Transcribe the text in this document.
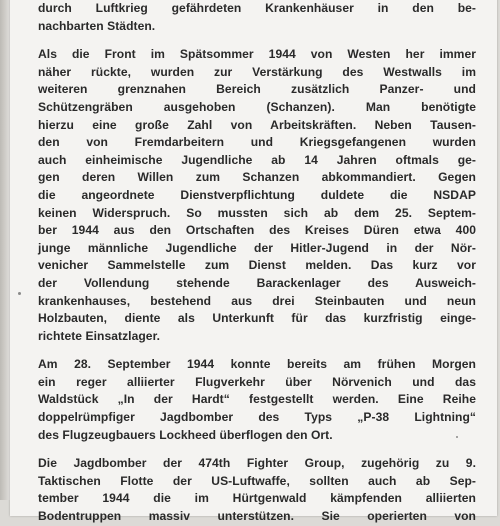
durch Luftkrieg gefährdeten Krankenhäuser in den be-
nachbarten Städten.
Als die Front im Spätsommer 1944 von Westen her immer
näher rückte, wurden zur Verstärkung des Westwalls im
weiteren grenznahen Bereich zusätzlich Panzer- und
Schützengräben ausgehoben (Schanzen). Man benötigte
hierzu eine große Zahl von Arbeitskräften. Neben Tausen-
den von Fremdarbeitern und Kriegsgefangenen wurden
auch einheimische Jugendliche ab 14 Jahren oftmals ge-
gen deren Willen zum Schanzen abkommandiert. Gegen
die angeordnete Dienstverpflichtung duldete die NSDAP
keinen Widerspruch. So mussten sich ab dem 25. Septem-
ber 1944 aus den Ortschaften des Kreises Düren etwa 400
junge männliche Jugendliche der Hitler-Jugend in der Nör-
venicher Sammelstelle zum Dienst melden. Das kurz vor
der Vollendung stehende Barackenlager des Ausweich-
krankenhauses, bestehend aus drei Steinbauten und neun
Holzbauten, diente als Unterkunft für das kurzfristig einge-
richtete Einsatzlager.
Am 28. September 1944 konnte bereits am frühen Morgen
ein reger alliierter Flugverkehr über Nörvenich und das
Waldstück „In der Hardt“ festgestellt werden. Eine Reihe
doppelrümpfiger Jagdbomber des Typs „P-38 Lightning“
des Flugzeugbauers Lockheed überflogen den Ort.
Die Jagdbomber der 474th Fighter Group, zugehörig zu 9.
Taktischen Flotte der US-Luftwaffe, sollten auch ab Sep-
tember 1944 die im Hürtgenwald kämpfenden alliierten
Bodentruppen massiv unterstützen. Sie operierten von
